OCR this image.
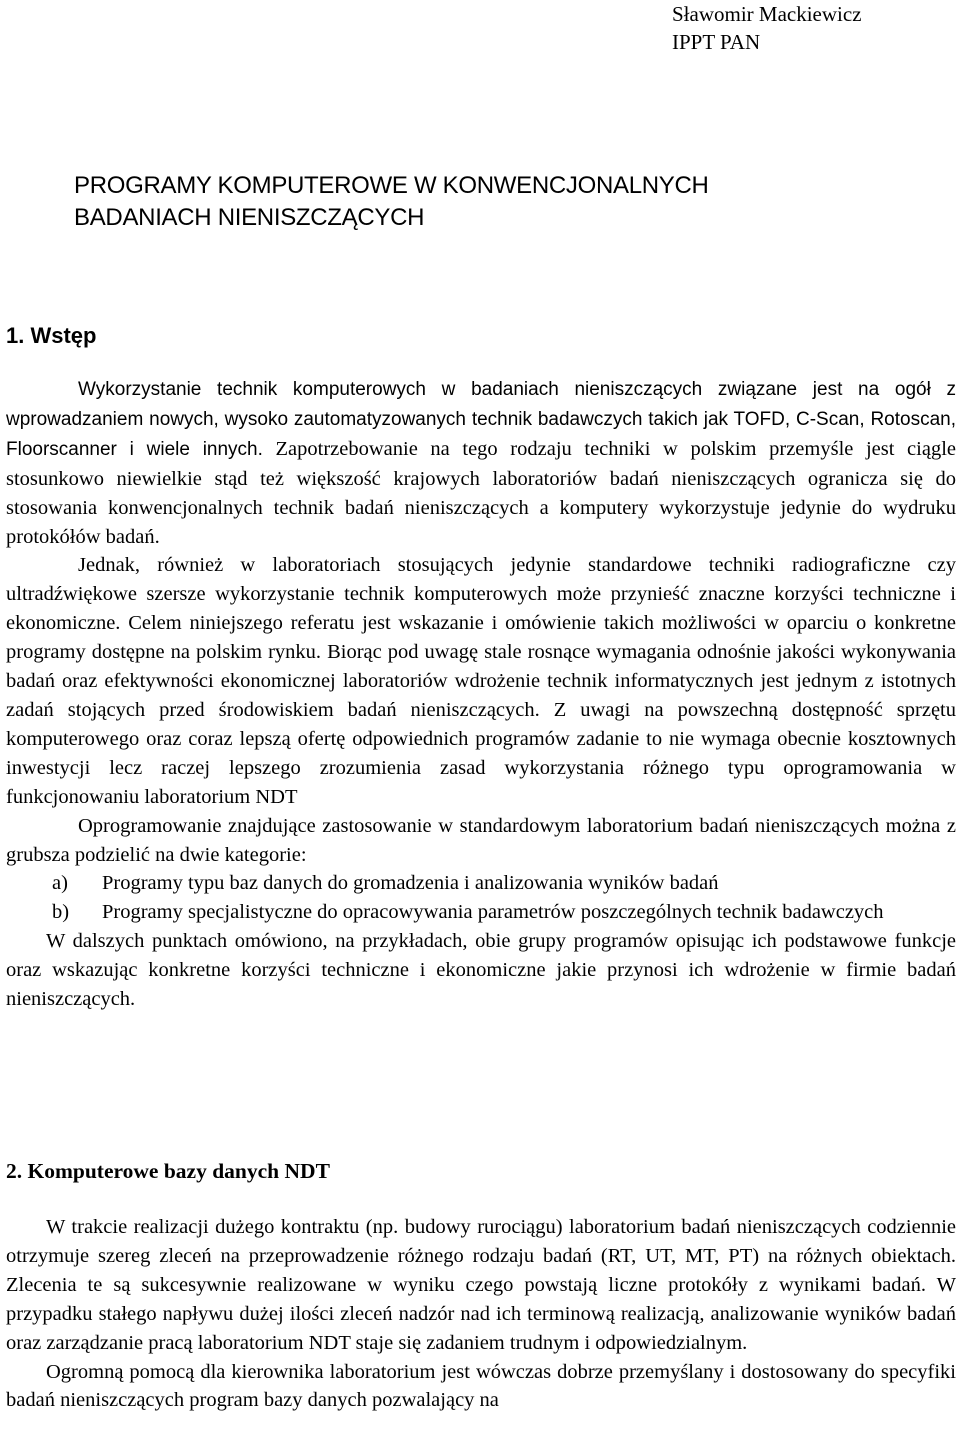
Sławomir Mackiewicz
IPPT PAN
PROGRAMY KOMPUTEROWE W KONWENCJONALNYCH
BADANIACH NIENISZCZĄCYCH
1. Wstęp

Wykorzystanie technik komputerowych w badaniach nieniszczących związane jest na ogół z wprowadzaniem nowych, wysoko zautomatyzowanych technik badawczych takich jak TOFD, C-Scan, Rotoscan, Floorscanner i wiele innych. Zapotrzebowanie na tego rodzaju techniki w polskim przemyśle jest ciągle stosunkowo niewielkie stąd też większość krajowych laboratoriów badań nieniszczących ogranicza się do stosowania konwencjonalnych technik badań nieniszczących a komputery wykorzystuje jedynie do wydruku protokółów badań.

Jednak, również w laboratoriach stosujących jedynie standardowe techniki radiograficzne czy ultradźwiękowe szersze wykorzystanie technik komputerowych może przynieść znaczne korzyści techniczne i ekonomiczne. Celem niniejszego referatu jest wskazanie i omówienie takich możliwości w oparciu o konkretne programy dostępne na polskim rynku. Biorąc pod uwagę stale rosnące wymagania odnośnie jakości wykonywania badań oraz efektywności ekonomicznej laboratoriów wdrożenie technik informatycznych jest jednym z istotnych zadań stojących przed środowiskiem badań nieniszczących. Z uwagi na powszechną dostępność sprzętu komputerowego oraz coraz lepszą ofertę odpowiednich programów zadanie to nie wymaga obecnie kosztownych inwestycji lecz raczej lepszego zrozumienia zasad wykorzystania różnego typu oprogramowania w funkcjonowaniu laboratorium NDT

Oprogramowanie znajdujące zastosowanie w standardowym laboratorium badań nieniszczących można z grubsza podzielić na dwie kategorie:

a)	Programy typu baz danych do gromadzenia i analizowania wyników badań
b)	Programy specjalistyczne do opracowywania parametrów poszczególnych technik badawczych

W dalszych punktach omówiono, na przykładach, obie grupy programów opisując ich podstawowe funkcje oraz wskazując konkretne korzyści techniczne i ekonomiczne jakie przynosi ich wdrożenie w firmie badań nieniszczących.

2. Komputerowe bazy danych NDT

W trakcie realizacji dużego kontraktu (np. budowy rurociągu) laboratorium badań nieniszczących codziennie otrzymuje szereg zleceń na przeprowadzenie różnego rodzaju badań (RT, UT, MT, PT) na różnych obiektach. Zlecenia te są sukcesywnie realizowane w wyniku czego powstają liczne protokóły z wynikami badań. W przypadku stałego napływu dużej ilości zleceń nadzór nad ich terminową realizacją, analizowanie wyników badań oraz zarządzanie pracą laboratorium NDT staje się zadaniem trudnym i odpowiedzialnym.

Ogromną pomocą dla kierownika laboratorium jest wówczas dobrze przemyślany i dostosowany do specyfiki badań nieniszczących program bazy danych pozwalający na
